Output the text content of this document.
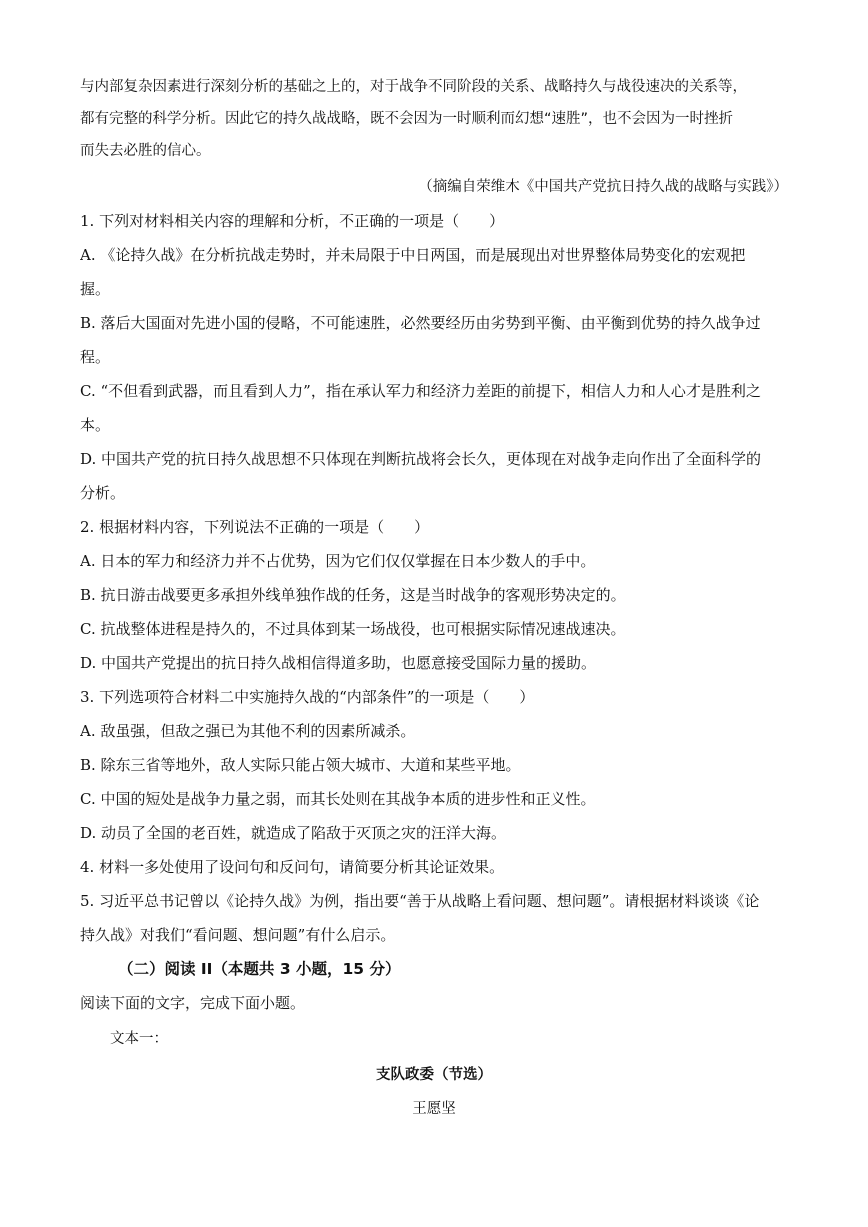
与内部复杂因素进行深刻分析的基础之上的，对于战争不同阶段的关系、战略持久与战役速决的关系等，

都有完整的科学分析。因此它的持久战战略，既不会因为一时顺利而幻想“速胜”，也不会因为一时挫折

而失去必胜的信心。

（摘编自荣维木《中国共产党抗日持久战的战略与实践》）

1. 下列对材料相关内容的理解和分析，不正确的一项是（　　）

A. 《论持久战》在分析抗战走势时，并未局限于中日两国，而是展现出对世界整体局势变化的宏观把

握。

B. 落后大国面对先进小国的侵略，不可能速胜，必然要经历由劣势到平衡、由平衡到优势的持久战争过

程。

C. “不但看到武器，而且看到人力”，指在承认军力和经济力差距的前提下，相信人力和人心才是胜利之

本。

D. 中国共产党的抗日持久战思想不只体现在判断抗战将会长久，更体现在对战争走向作出了全面科学的

分析。

2. 根据材料内容，下列说法不正确的一项是（　　）

A. 日本的军力和经济力并不占优势，因为它们仅仅掌握在日本少数人的手中。

B. 抗日游击战要更多承担外线单独作战的任务，这是当时战争的客观形势决定的。

C. 抗战整体进程是持久的，不过具体到某一场战役，也可根据实际情况速战速决。

D. 中国共产党提出的抗日持久战相信得道多助，也愿意接受国际力量的援助。

3. 下列选项符合材料二中实施持久战的“内部条件”的一项是（　　）

A. 敌虽强，但敌之强已为其他不利的因素所减杀。

B. 除东三省等地外，敌人实际只能占领大城市、大道和某些平地。

C. 中国的短处是战争力量之弱，而其长处则在其战争本质的进步性和正义性。

D. 动员了全国的老百姓，就造成了陷敌于灭顶之灾的汪洋大海。

4. 材料一多处使用了设问句和反问句，请简要分析其论证效果。

5. 习近平总书记曾以《论持久战》为例，指出要“善于从战略上看问题、想问题”。请根据材料谈谈《论

持久战》对我们“看问题、想问题”有什么启示。

（二）阅读 II（本题共 3 小题，15 分）

阅读下面的文字，完成下面小题。

文本一：

支队政委（节选）

王愿坚
